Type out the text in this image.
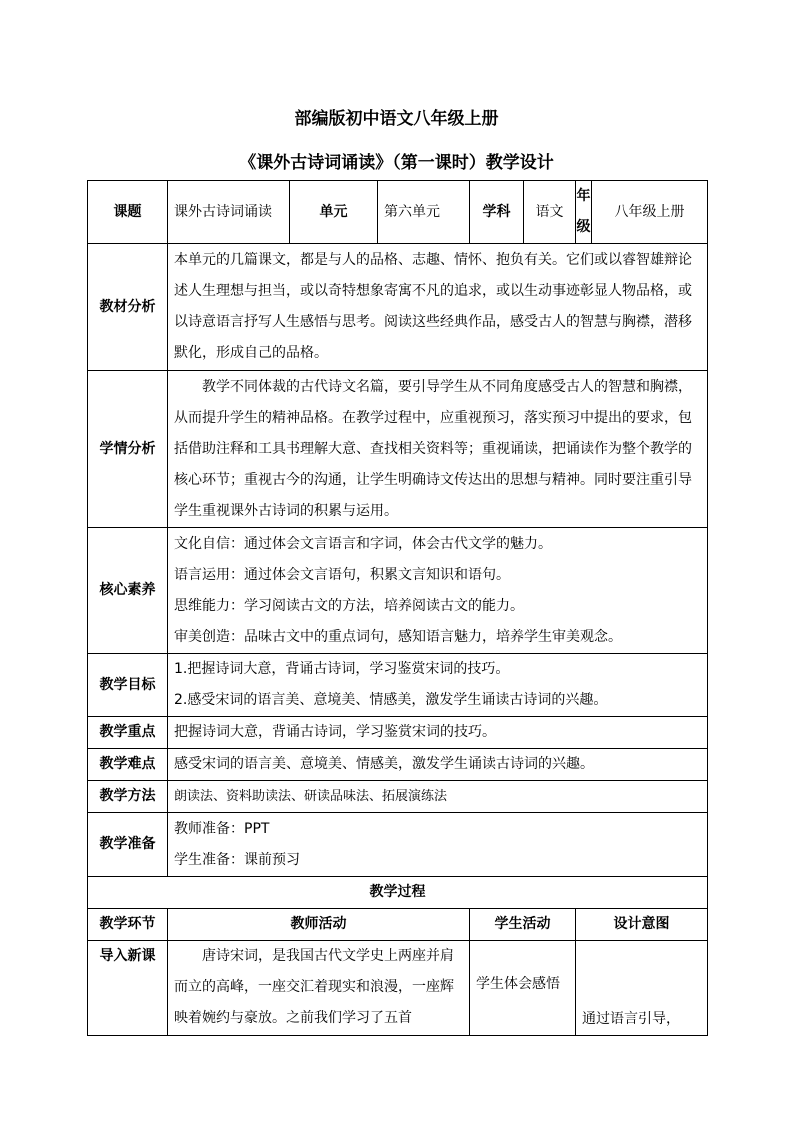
部编版初中语文八年级上册
《课外古诗词诵读》（第一课时）教学设计
课题	课外古诗词诵读	单元	第六单元	学科	语文	年级	八年级上册
教材分析	本单元的几篇课文，都是与人的品格、志趣、情怀、抱负有关。它们或以睿智雄辩论述人生理想与担当，或以奇特想象寄寓不凡的追求，或以生动事迹彰显人物品格，或以诗意语言抒写人生感悟与思考。阅读这些经典作品，感受古人的智慧与胸襟，潜移默化，形成自己的品格。						
学情分析	教学不同体裁的古代诗文名篇，要引导学生从不同角度感受古人的智慧和胸襟，从而提升学生的精神品格。在教学过程中，应重视预习，落实预习中提出的要求，包括借助注释和工具书理解大意、查找相关资料等；重视诵读，把诵读作为整个教学的核心环节；重视古今的沟通，让学生明确诗文传达出的思想与精神。同时要注重引导学生重视课外古诗词的积累与运用。						
核心素养	文化自信：通过体会文言语言和字词，体会古代文学的魅力。
语言运用：通过体会文言语句，积累文言知识和语句。
思维能力：学习阅读古文的方法，培养阅读古文的能力。
审美创造：品味古文中的重点词句，感知语言魅力，培养学生审美观念。						

教学目标	1.把握诗词大意，背诵古诗词，学习鉴赏宋词的技巧。
2.感受宋词的语言美、意境美、情感美，激发学生诵读古诗词的兴趣。						

教学重点	把握诗词大意，背诵古诗词，学习鉴赏宋词的技巧。						
教学难点	感受宋词的语言美、意境美、情感美，激发学生诵读古诗词的兴趣。						
教学方法	朗读法、资料助读法、研读品味法、拓展演练法						
教学准备	教师准备：PPT
学生准备：课前预习						

教学过程							
教学环节	教师活动			学生活动		设计意图	
导入新课	唐诗宋词，是我国古代文学史上两座并肩而立的高峰，一座交汇着现实和浪漫，一座辉映着婉约与豪放。之前我们学习了五首			学生体会感悟		通过语言引导，	
